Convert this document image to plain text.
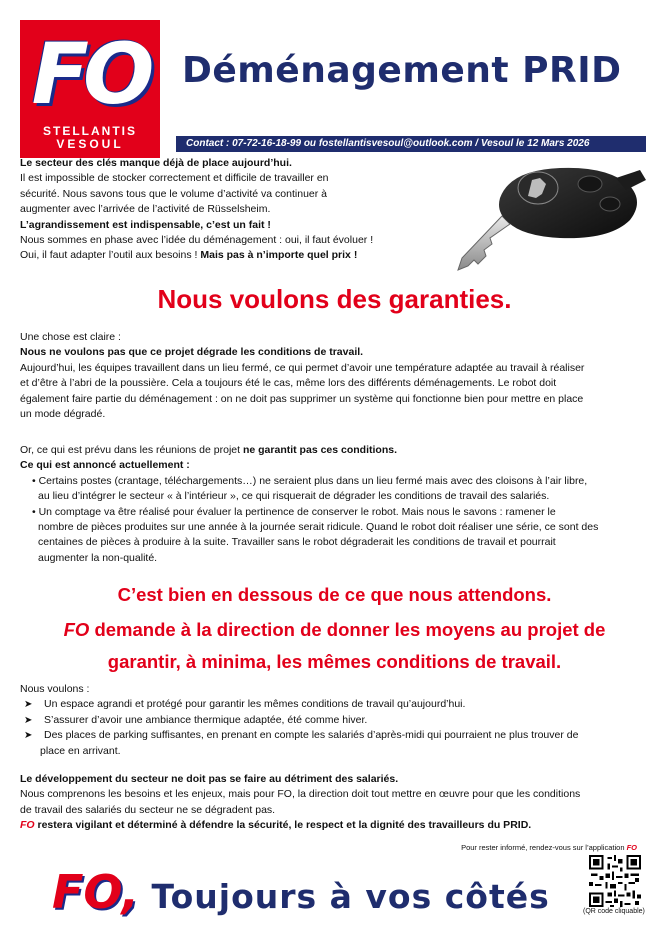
FO
STELLANTIS
VESOUL
Déménagement PRID
Contact : 07-72-16-18-99 ou fostellantisvesoul@outlook.com / Vesoul le 12 Mars 2026
Le secteur des clés manque déjà de place aujourd’hui.
Il est impossible de stocker correctement et difficile de travailler en
sécurité. Nous savons tous que le volume d’activité va continuer à
augmenter avec l’arrivée de l’activité de Rüsselsheim.
L’agrandissement est indispensable, c’est un fait !
Nous sommes en phase avec l’idée du déménagement : oui, il faut évoluer !
Oui, il faut adapter l’outil aux besoins ! Mais pas à n’importe quel prix !
Nous voulons des garanties.
Une chose est claire :
Nous ne voulons pas que ce projet dégrade les conditions de travail.
Aujourd’hui, les équipes travaillent dans un lieu fermé, ce qui permet d’avoir une température adaptée au travail à réaliser
et d’être à l’abri de la poussière. Cela a toujours été le cas, même lors des différents déménagements. Le robot doit
également faire partie du déménagement : on ne doit pas supprimer un système qui fonctionne bien pour mettre en place
un mode dégradé.
Or, ce qui est prévu dans les réunions de projet ne garantit pas ces conditions.
Ce qui est annoncé actuellement :
• Certains postes (crantage, téléchargements…) ne seraient plus dans un lieu fermé mais avec des cloisons à l’air libre,
au lieu d’intégrer le secteur « à l’intérieur », ce qui risquerait de dégrader les conditions de travail des salariés.
• Un comptage va être réalisé pour évaluer la pertinence de conserver le robot. Mais nous le savons : ramener le
nombre de pièces produites sur une année à la journée serait ridicule. Quand le robot doit réaliser une série, ce sont des
centaines de pièces à produire à la suite. Travailler sans le robot dégraderait les conditions de travail et pourrait
augmenter la non-qualité.
C’est bien en dessous de ce que nous attendons.
FO demande à la direction de donner les moyens au projet de
garantir, à minima, les mêmes conditions de travail.
Nous voulons :
➤ Un espace agrandi et protégé pour garantir les mêmes conditions de travail qu’aujourd’hui.
➤ S’assurer d’avoir une ambiance thermique adaptée, été comme hiver.
➤ Des places de parking suffisantes, en prenant en compte les salariés d’après-midi qui pourraient ne plus trouver de
place en arrivant.
Le développement du secteur ne doit pas se faire au détriment des salariés.
Nous comprenons les besoins et les enjeux, mais pour FO, la direction doit tout mettre en œuvre pour que les conditions
de travail des salariés du secteur ne se dégradent pas.
FO restera vigilant et déterminé à défendre la sécurité, le respect et la dignité des travailleurs du PRID.
Pour rester informé, rendez-vous sur l’application FO
FO, Toujours à vos côtés	(QR code cliquable)
